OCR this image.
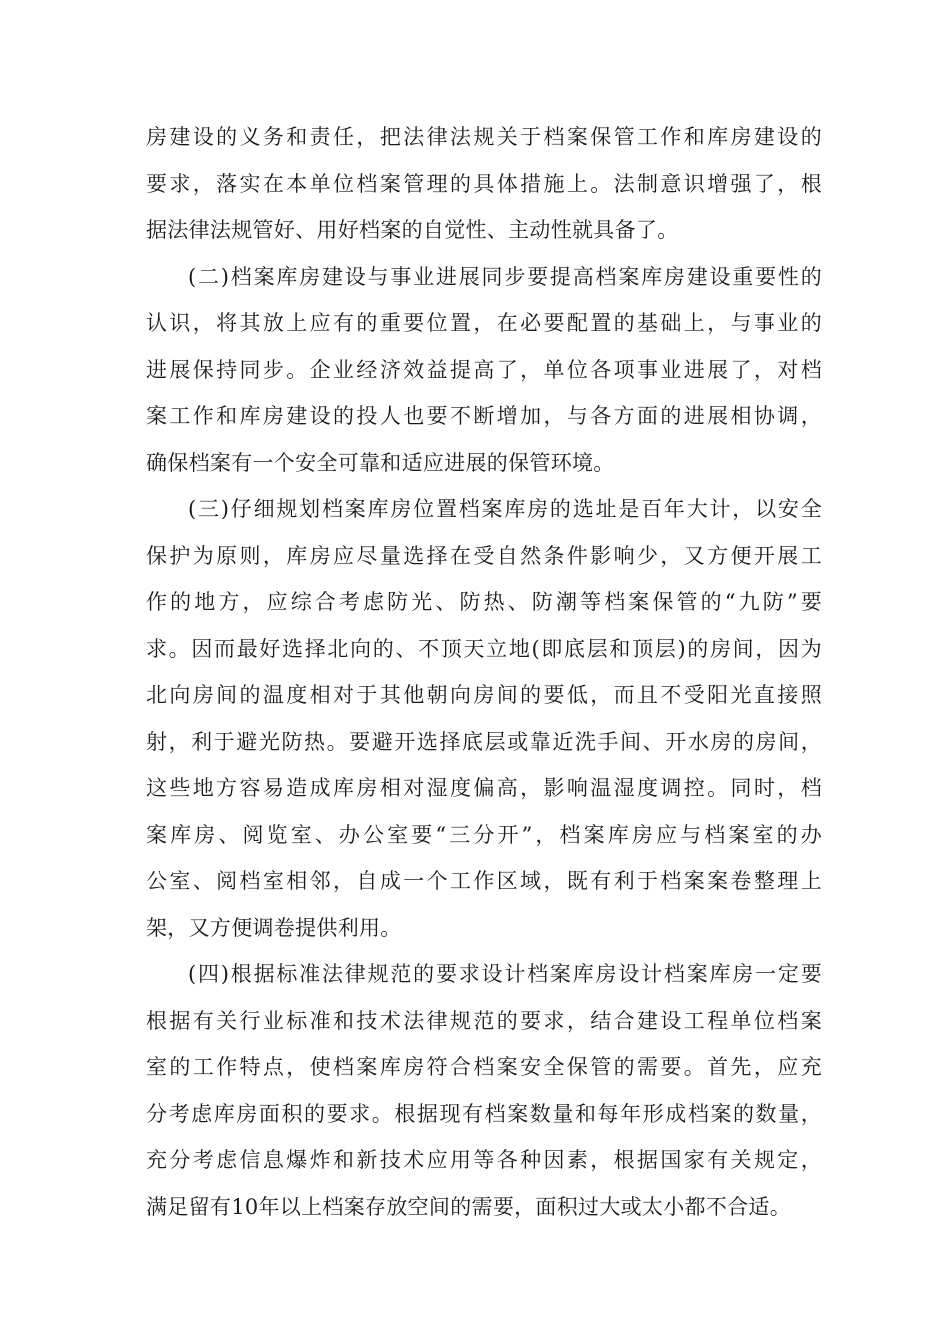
房建设的义务和责任，把法律法规关于档案保管工作和库房建设的
要求，落实在本单位档案管理的具体措施上。法制意识增强了，根
据法律法规管好、用好档案的自觉性、主动性就具备了。
(二)档案库房建设与事业进展同步要提高档案库房建设重要性的
认识，将其放上应有的重要位置，在必要配置的基础上，与事业的
进展保持同步。企业经济效益提高了，单位各项事业进展了，对档
案工作和库房建设的投人也要不断增加，与各方面的进展相协调，
确保档案有一个安全可靠和适应进展的保管环境。
(三)仔细规划档案库房位置档案库房的选址是百年大计，以安全
保护为原则，库房应尽量选择在受自然条件影响少，又方便开展工
作的地方，应综合考虑防光、防热、防潮等档案保管的“九防”要
求。因而最好选择北向的、不顶天立地(即底层和顶层)的房间，因为
北向房间的温度相对于其他朝向房间的要低，而且不受阳光直接照
射，利于避光防热。要避开选择底层或靠近洗手间、开水房的房间，
这些地方容易造成库房相对湿度偏高，影响温湿度调控。同时，档
案库房、阅览室、办公室要“三分开”，档案库房应与档案室的办
公室、阅档室相邻，自成一个工作区域，既有利于档案案卷整理上
架，又方便调卷提供利用。
(四)根据标准法律规范的要求设计档案库房设计档案库房一定要
根据有关行业标准和技术法律规范的要求，结合建设工程单位档案
室的工作特点，使档案库房符合档案安全保管的需要。首先，应充
分考虑库房面积的要求。根据现有档案数量和每年形成档案的数量，
充分考虑信息爆炸和新技术应用等各种因素，根据国家有关规定，
满足留有10年以上档案存放空间的需要，面积过大或太小都不合适。
